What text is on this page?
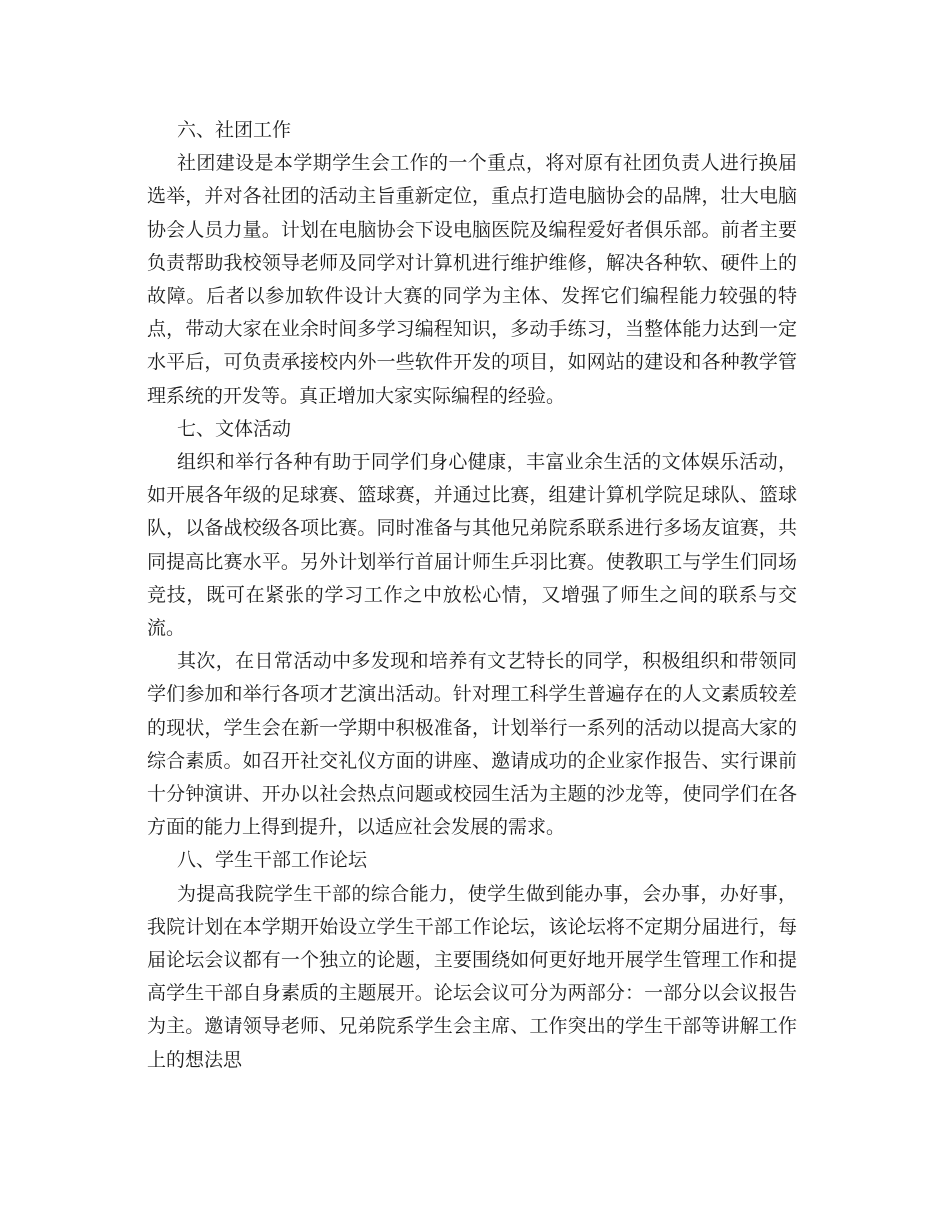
六、社团工作

社团建设是本学期学生会工作的一个重点，将对原有社团负责人进行换届选举，并对各社团的活动主旨重新定位，重点打造电脑协会的品牌，壮大电脑协会人员力量。计划在电脑协会下设电脑医院及编程爱好者俱乐部。前者主要负责帮助我校领导老师及同学对计算机进行维护维修，解决各种软、硬件上的故障。后者以参加软件设计大赛的同学为主体、发挥它们编程能力较强的特点，带动大家在业余时间多学习编程知识，多动手练习，当整体能力达到一定水平后，可负责承接校内外一些软件开发的项目，如网站的建设和各种教学管理系统的开发等。真正增加大家实际编程的经验。

七、文体活动

组织和举行各种有助于同学们身心健康，丰富业余生活的文体娱乐活动，如开展各年级的足球赛、篮球赛，并通过比赛，组建计算机学院足球队、篮球队，以备战校级各项比赛。同时准备与其他兄弟院系联系进行多场友谊赛，共同提高比赛水平。另外计划举行首届计师生乒羽比赛。使教职工与学生们同场竞技，既可在紧张的学习工作之中放松心情，又增强了师生之间的联系与交流。

其次，在日常活动中多发现和培养有文艺特长的同学，积极组织和带领同学们参加和举行各项才艺演出活动。针对理工科学生普遍存在的人文素质较差的现状，学生会在新一学期中积极准备，计划举行一系列的活动以提高大家的综合素质。如召开社交礼仪方面的讲座、邀请成功的企业家作报告、实行课前十分钟演讲、开办以社会热点问题或校园生活为主题的沙龙等，使同学们在各方面的能力上得到提升，以适应社会发展的需求。

八、学生干部工作论坛

为提高我院学生干部的综合能力，使学生做到能办事，会办事，办好事，我院计划在本学期开始设立学生干部工作论坛，该论坛将不定期分届进行，每届论坛会议都有一个独立的论题，主要围绕如何更好地开展学生管理工作和提高学生干部自身素质的主题展开。论坛会议可分为两部分：一部分以会议报告为主。邀请领导老师、兄弟院系学生会主席、工作突出的学生干部等讲解工作上的想法思
